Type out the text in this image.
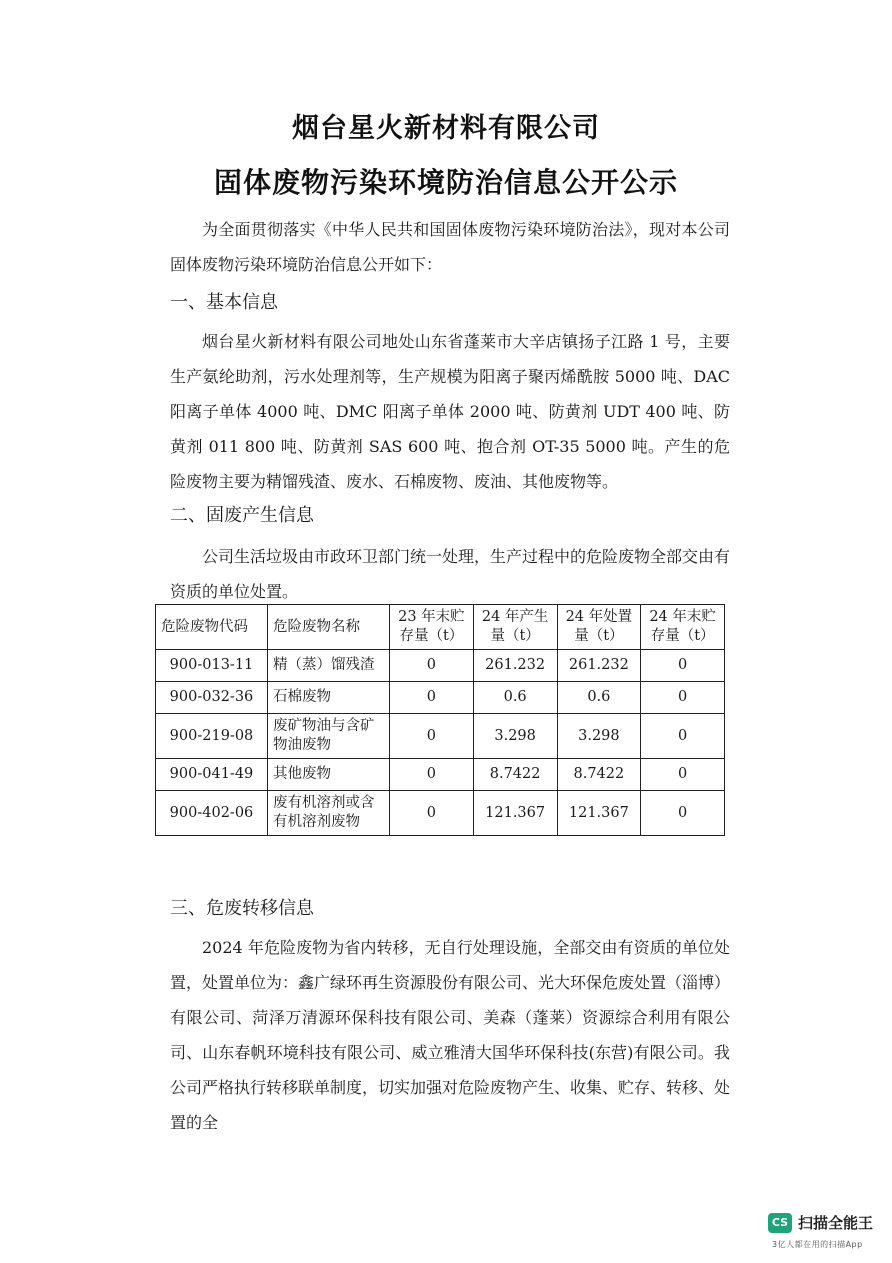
烟台星火新材料有限公司
固体废物污染环境防治信息公开公示
为全面贯彻落实《中华人民共和国固体废物污染环境防治法》，现对本公司固体废物污染环境防治信息公开如下：
一、基本信息
烟台星火新材料有限公司地处山东省蓬莱市大辛店镇扬子江路 1 号，主要生产氨纶助剂，污水处理剂等，生产规模为阳离子聚丙烯酰胺 5000 吨、DAC 阳离子单体 4000 吨、DMC 阳离子单体 2000 吨、防黄剂 UDT 400 吨、防黄剂 011 800 吨、防黄剂 SAS 600 吨、抱合剂 OT-35 5000 吨。产生的危险废物主要为精馏残渣、废水、石棉废物、废油、其他废物等。
二、固废产生信息
公司生活垃圾由市政环卫部门统一处理，生产过程中的危险废物全部交由有资质的单位处置。
危险废物代码	危险废物名称	23 年末贮存量（t）	24 年产生量（t）	24 年处置量（t）	24 年末贮存量（t）
900-013-11	精（蒸）馏残渣	0	261.232	261.232	0
900-032-36	石棉废物	0	0.6	0.6	0
900-219-08	废矿物油与含矿物油废物	0	3.298	3.298	0
900-041-49	其他废物	0	8.7422	8.7422	0
900-402-06	废有机溶剂或含有机溶剂废物	0	121.367	121.367	0
三、危废转移信息
2024 年危险废物为省内转移，无自行处理设施，全部交由有资质的单位处置，处置单位为：鑫广绿环再生资源股份有限公司、光大环保危废处置（淄博）有限公司、菏泽万清源环保科技有限公司、美森（蓬莱）资源综合利用有限公司、山东春帆环境科技有限公司、威立雅清大国华环保科技(东营)有限公司。我公司严格执行转移联单制度，切实加强对危险废物产生、收集、贮存、转移、处置的全
CS 扫描全能王
3亿人都在用的扫描App
